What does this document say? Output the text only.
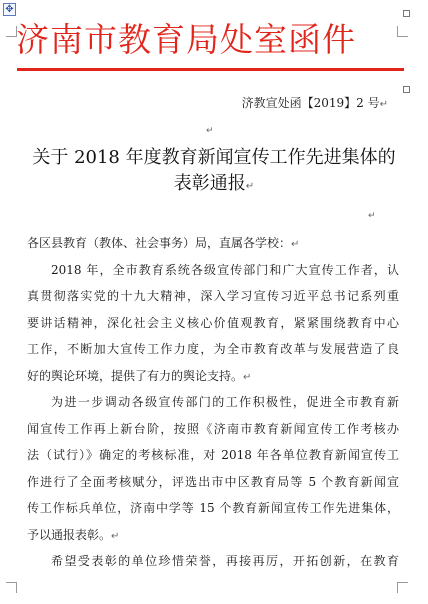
✥
济南市教育局处室函件
济教宣处函【2019】2 号↵
↵
关于 2018 年度教育新闻宣传工作先进集体的
表彰通报↵
↵
各区县教育（教体、社会事务）局，直属各学校：↵
2018 年，全市教育系统各级宣传部门和广大宣传工作者，认
真贯彻落实党的十九大精神，深入学习宣传习近平总书记系列重
要讲话精神，深化社会主义核心价值观教育，紧紧围绕教育中心
工作，不断加大宣传工作力度，为全市教育改革与发展营造了良
好的舆论环境，提供了有力的舆论支持。↵
为进一步调动各级宣传部门的工作积极性，促进全市教育新
闻宣传工作再上新台阶，按照《济南市教育新闻宣传工作考核办
法（试行）》确定的考核标准，对 2018 年各单位教育新闻宣传工
作进行了全面考核赋分，评选出市中区教育局等 5 个教育新闻宣
传工作标兵单位，济南中学等 15 个教育新闻宣传工作先进集体，
予以通报表彰。↵
希望受表彰的单位珍惜荣誉，再接再厉，开拓创新，在教育
